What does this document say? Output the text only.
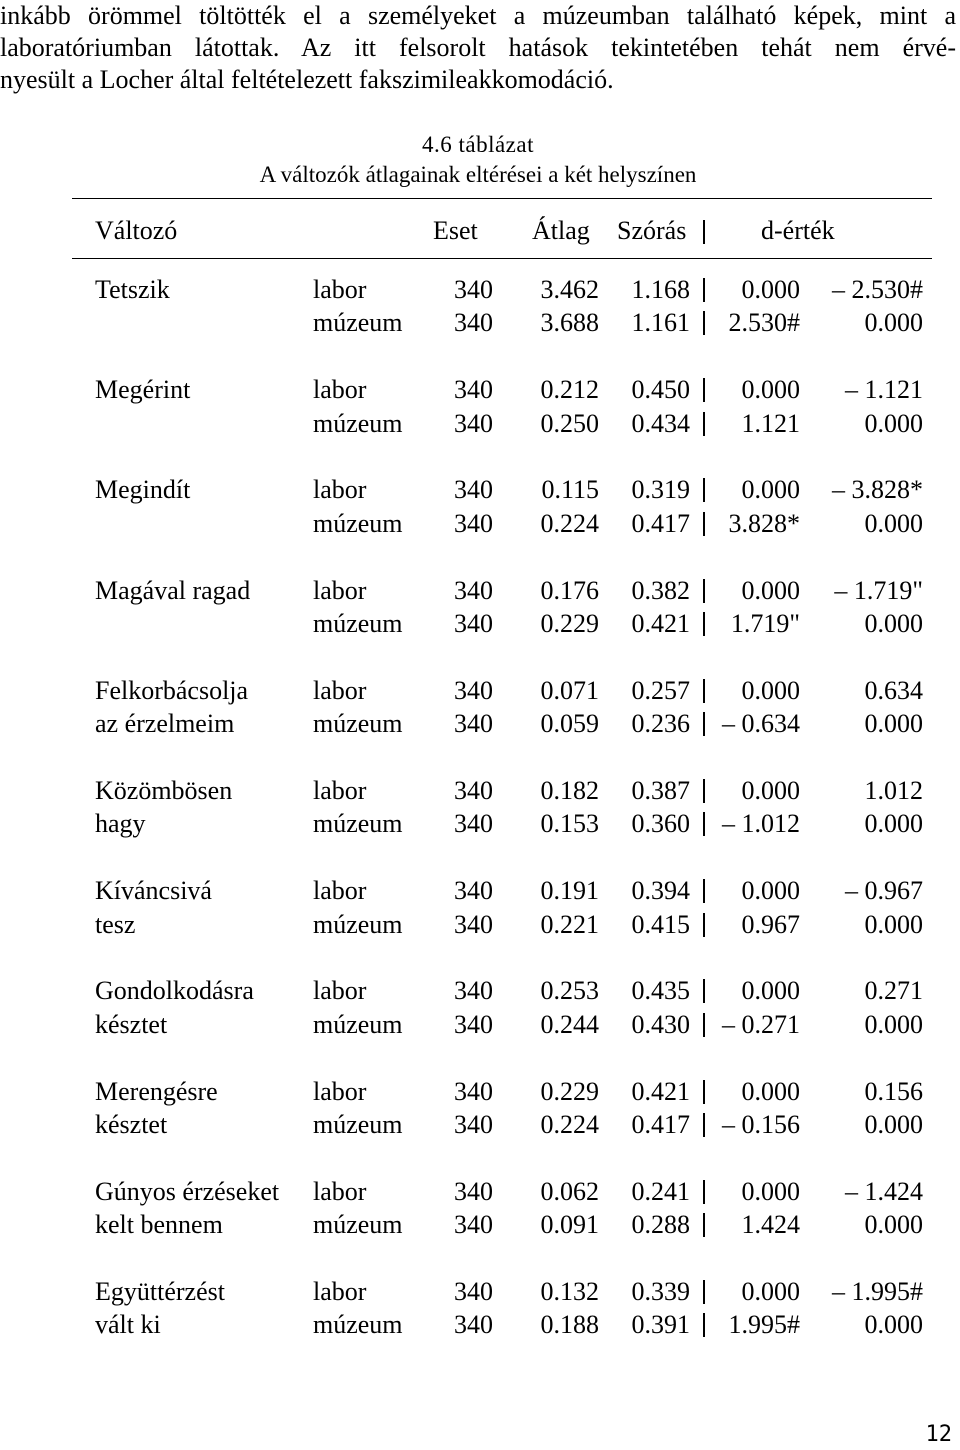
inkább örömmel töltötték el a személyeket a múzeumban található képek, mint a
laboratóriumban látottak. Az itt felsorolt hatások tekintetében tehát nem érvé-
nyesült a Locher által feltételezett fakszimileakkomodáció.
4.6 táblázat
A változók átlagainak eltérései a két helyszínen
Változó	Eset Átlag Szórás	d-érték
Tetszik	labor	340 3.462 1.168 0.000 – 2.530#
múzeum 340 3.688 1.161 2.530# 0.000
Megérint	labor	340 0.212 0.450 0.000 – 1.121
múzeum 340 0.250 0.434 1.121 0.000
Megindít	labor	340 0.115 0.319 0.000 – 3.828*
múzeum 340 0.224 0.417 3.828* 0.000
Magával ragad labor	340 0.176 0.382 0.000 – 1.719"
múzeum 340 0.229 0.421 1.719" 0.000
Felkorbácsolja labor	340 0.071 0.257 0.000 0.634
az érzelmeim	múzeum 340 0.059 0.236 – 0.634 0.000
Közömbösen	labor	340 0.182 0.387 0.000 1.012
hagy	múzeum 340 0.153 0.360 – 1.012 0.000
Kíváncsivá	labor	340 0.191 0.394 0.000 – 0.967
tesz	múzeum 340 0.221 0.415 0.967 0.000
Gondolkodásra labor	340 0.253 0.435 0.000 0.271
késztet	múzeum 340 0.244 0.430 – 0.271 0.000
Merengésre	labor	340 0.229 0.421 0.000 0.156
késztet	múzeum 340 0.224 0.417 – 0.156 0.000
Gúnyos érzéseket labor	340 0.062 0.241 0.000 – 1.424
kelt bennem	múzeum 340 0.091 0.288 1.424 0.000
Együttérzést	labor	340 0.132 0.339 0.000 – 1.995#
vált ki	múzeum 340 0.188 0.391 1.995# 0.000
12
